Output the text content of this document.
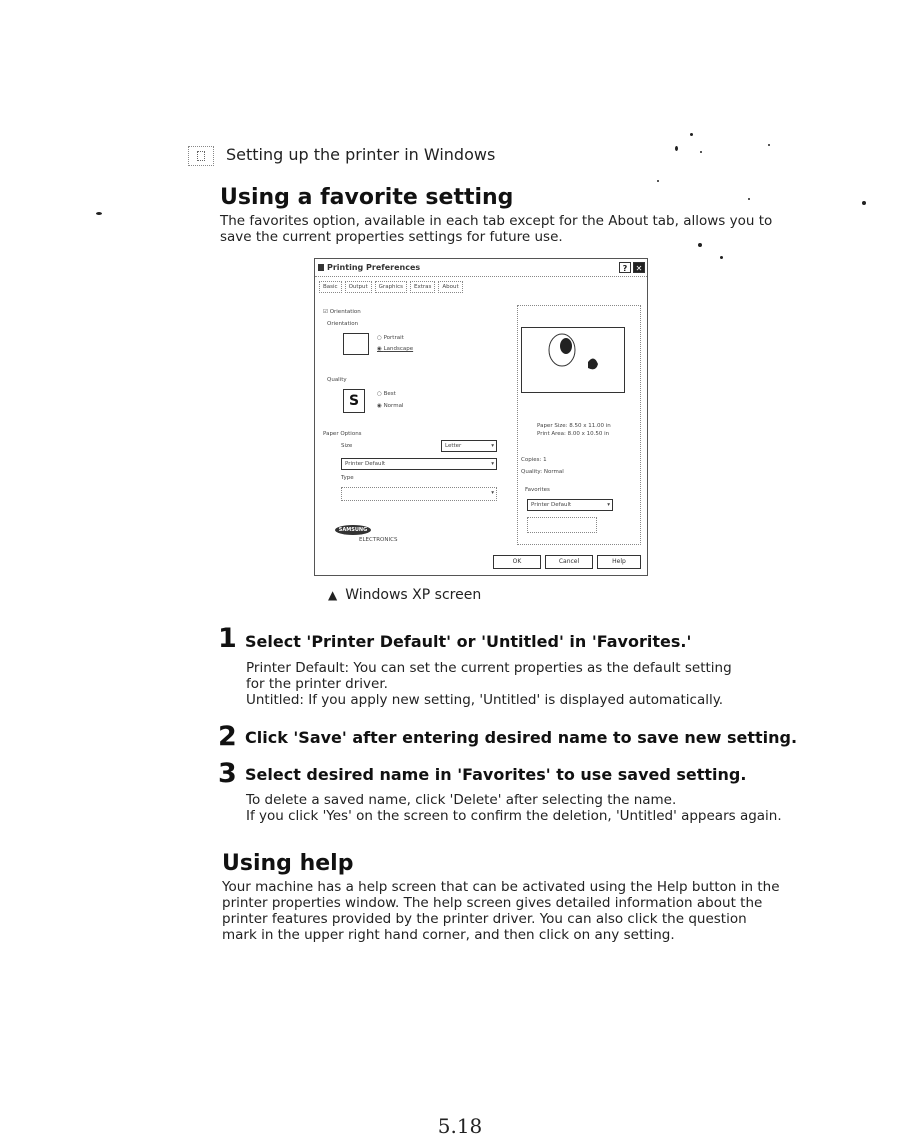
Setting up the printer in Windows
Using a favorite setting
The favorites option, available in each tab except for the About tab, allows you to
save the current properties settings for future use.
Printing Preferences	?	✕
Basic	Output	Graphics	Extras	About
☑ Orientation
Orientation
○ Portrait
◉ Landscape
Quality
S	○ Best
◉ Normal
Paper Options
Size	Letter	▾
Printer Default	▾
Type
▾
SAMSUNG
ELECTRONICS
Paper Size: 8.50 x 11.00 in
Print Area: 8.00 x 10.50 in
Copies: 1
Quality: Normal
Favorites
Printer Default	▾
OK	Cancel	Help
▲ Windows XP screen
1 Select 'Printer Default' or 'Untitled' in 'Favorites.'
Printer Default: You can set the current properties as the default setting
for the printer driver.
Untitled: If you apply new setting, 'Untitled' is displayed automatically.
2 Click 'Save' after entering desired name to save new setting.
3 Select desired name in 'Favorites' to use saved setting.
To delete a saved name, click 'Delete' after selecting the name.
If you click 'Yes' on the screen to confirm the deletion, 'Untitled' appears again.
Using help
Your machine has a help screen that can be activated using the Help button in the
printer properties window. The help screen gives detailed information about the
printer features provided by the printer driver. You can also click the question
mark in the upper right hand corner, and then click on any setting.
5.18
